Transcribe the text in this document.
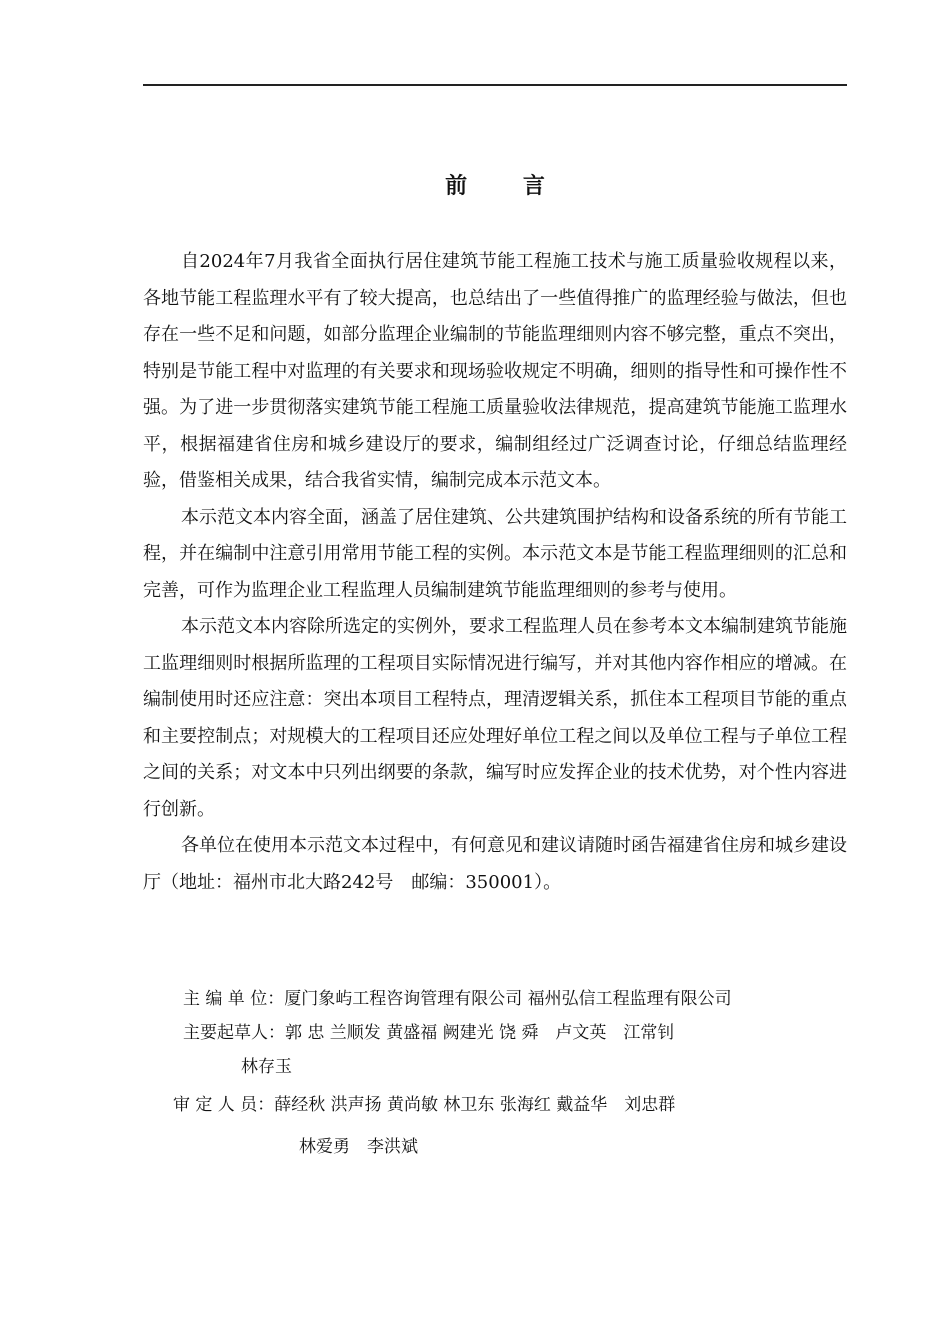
前 言

自2024年7月我省全面执行居住建筑节能工程施工技术与施工质量验收规程以来，各地节能工程监理水平有了较大提高，也总结出了一些值得推广的监理经验与做法，但也存在一些不足和问题，如部分监理企业编制的节能监理细则内容不够完整，重点不突出，特别是节能工程中对监理的有关要求和现场验收规定不明确，细则的指导性和可操作性不强。为了进一步贯彻落实建筑节能工程施工质量验收法律规范，提高建筑节能施工监理水平，根据福建省住房和城乡建设厅的要求，编制组经过广泛调查讨论，仔细总结监理经验，借鉴相关成果，结合我省实情，编制完成本示范文本。

本示范文本内容全面，涵盖了居住建筑、公共建筑围护结构和设备系统的所有节能工程，并在编制中注意引用常用节能工程的实例。本示范文本是节能工程监理细则的汇总和完善，可作为监理企业工程监理人员编制建筑节能监理细则的参考与使用。

本示范文本内容除所选定的实例外，要求工程监理人员在参考本文本编制建筑节能施工监理细则时根据所监理的工程项目实际情况进行编写，并对其他内容作相应的增减。在编制使用时还应注意：突出本项目工程特点，理清逻辑关系，抓住本工程项目节能的重点和主要控制点；对规模大的工程项目还应处理好单位工程之间以及单位工程与子单位工程之间的关系；对文本中只列出纲要的条款，编写时应发挥企业的技术优势，对个性内容进行创新。

各单位在使用本示范文本过程中，有何意见和建议请随时函告福建省住房和城乡建设厅（地址：福州市北大路242号　邮编：350001）。

主 编 单 位：厦门象屿工程咨询管理有限公司 福州弘信工程监理有限公司
主要起草人：郭 忠 兰顺发 黄盛福 阙建光 饶 舜　卢文英　江常钊
林存玉
审 定 人 员：薛经秋 洪声扬 黄尚敏 林卫东 张海红 戴益华　刘忠群
林爱勇　李洪斌
